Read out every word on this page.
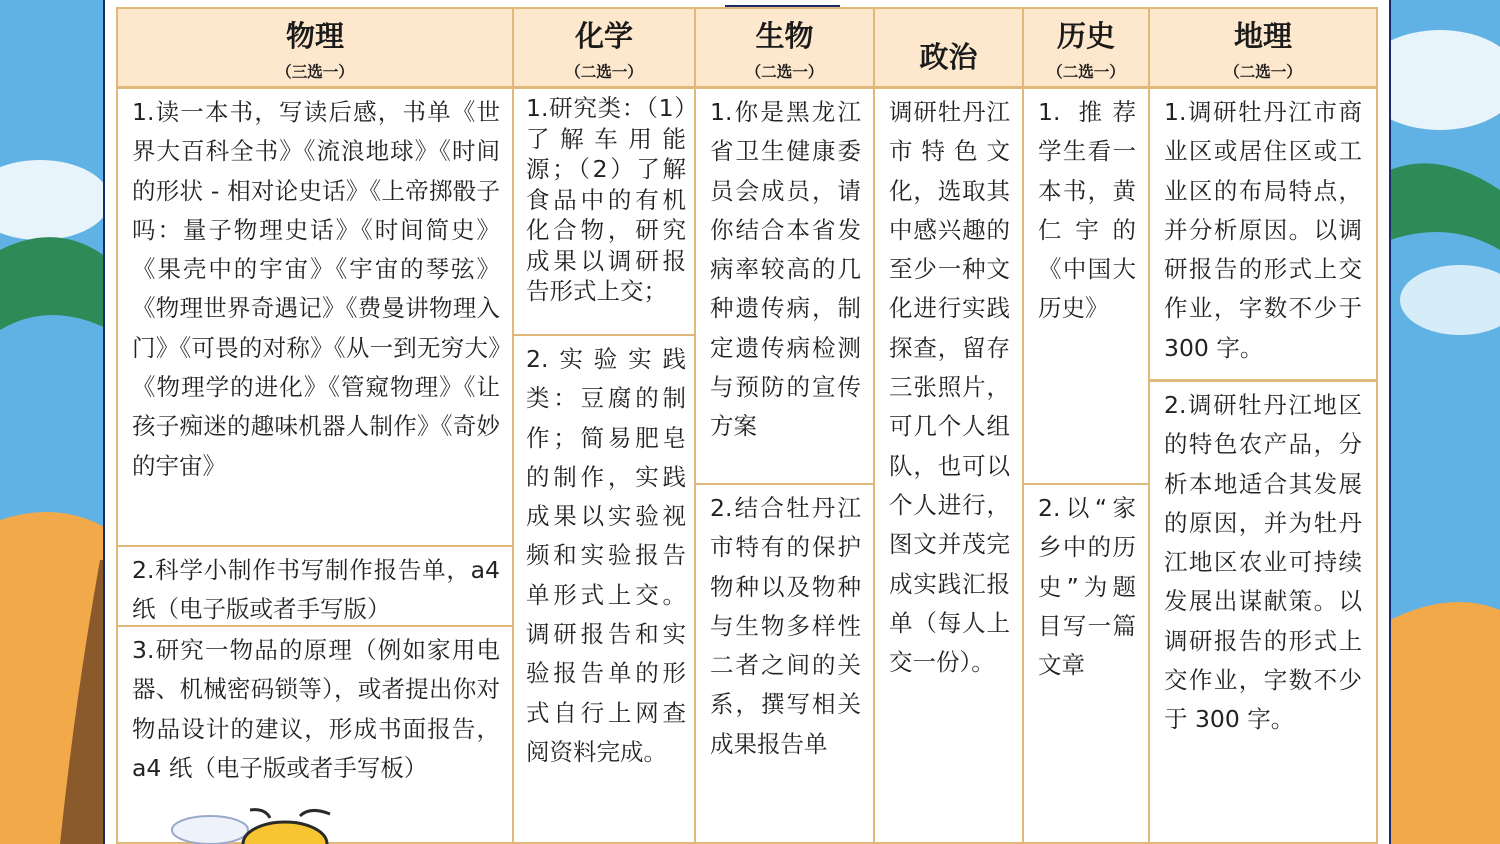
物理
（三选一）
化学
（二选一）
生物
（二选一）	政治
历史
（二选一）
地理
（二选一）
1.读一本书，写读后感，书单《世界大百科全书》《流浪地球》《时间的形状 - 相对论史话》《上帝掷骰子吗：量子物理史话》《时间简史》《果壳中的宇宙》《宇宙的琴弦》《物理世界奇遇记》《费曼讲物理入门》《可畏的对称》《从一到无穷大》《物理学的进化》《管窥物理》《让孩子痴迷的趣味机器人制作》《奇妙的宇宙》
2.科学小制作书写制作报告单，a4 纸（电子版或者手写版）
3.研究一物品的原理（例如家用电器、机械密码锁等），或者提出你对物品设计的建议，形成书面报告，a4 纸（电子版或者手写板）
1.研究类：（1）了解车用能源；（2）了解食品中的有机化合物，研究成果以调研报告形式上交；
2.实验实践类：豆腐的制作；简易肥皂的制作，实践成果以实验视频和实验报告单形式上交。调研报告和实验报告单的形式自行上网查阅资料完成。
1.你是黑龙江省卫生健康委员会成员，请你结合本省发病率较高的几种遗传病，制定遗传病检测与预防的宣传方案
2.结合牡丹江市特有的保护物种以及物种与生物多样性二者之间的关系，撰写相关成果报告单
调研牡丹江市特色文化，选取其中感兴趣的至少一种文化进行实践探查，留存三张照片，可几个人组队，也可以个人进行，图文并茂完成实践汇报单（每人上交一份）。
1. 推荐学生看一本书，黄仁宇的《中国大历史》
2.以“家乡中的历史”为题目写一篇文章
1.调研牡丹江市商业区或居住区或工业区的布局特点，并分析原因。以调研报告的形式上交作业，字数不少于 300 字。
2.调研牡丹江地区的特色农产品，分析本地适合其发展的原因，并为牡丹江地区农业可持续发展出谋献策。以调研报告的形式上交作业，字数不少于 300 字。
